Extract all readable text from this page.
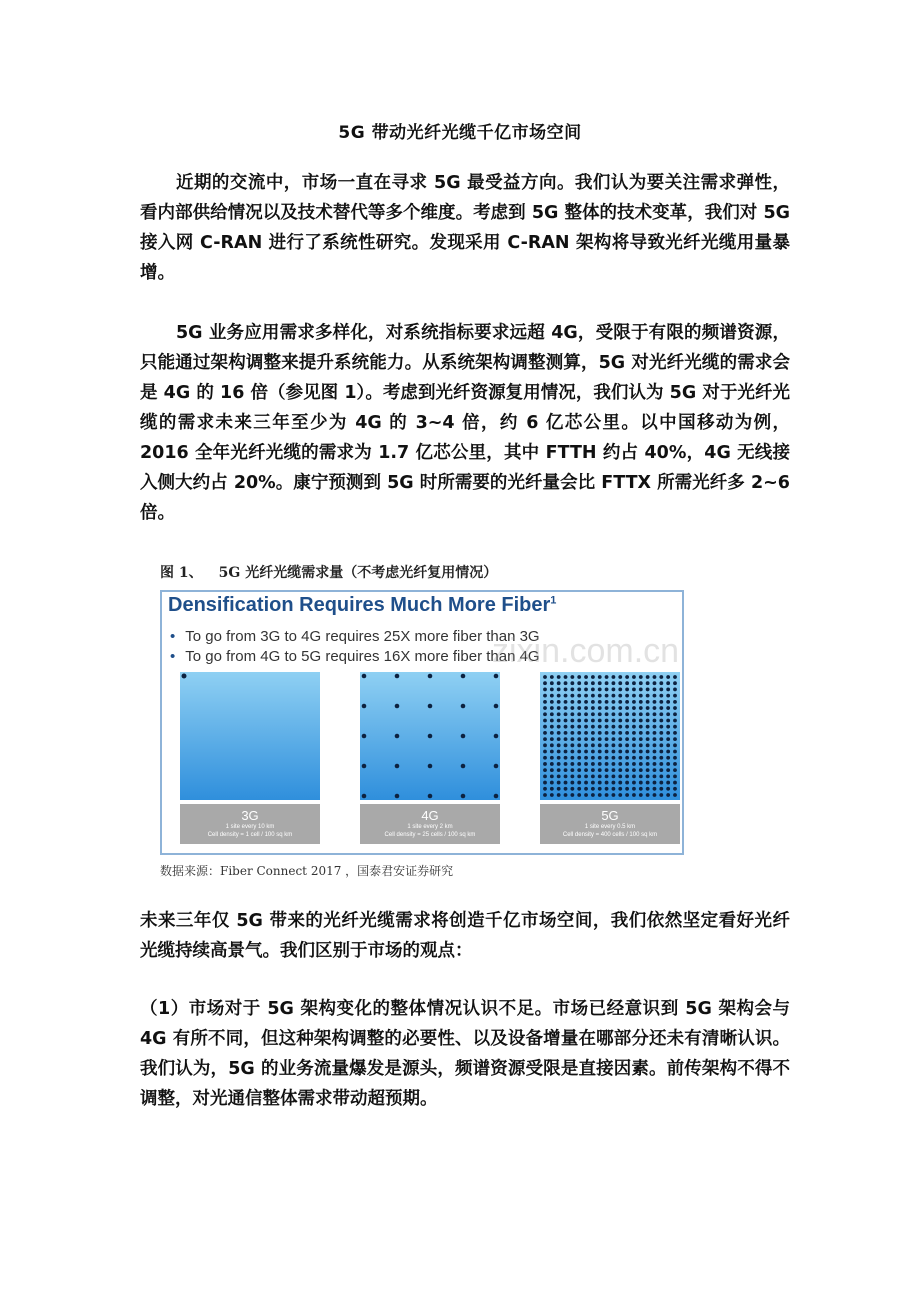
5G 带动光纤光缆千亿市场空间

近期的交流中，市场一直在寻求 5G 最受益方向。我们认为要关注需求弹性，看内部供给情况以及技术替代等多个维度。考虑到 5G 整体的技术变革，我们对 5G 接入网 C-RAN 进行了系统性研究。发现采用 C-RAN 架构将导致光纤光缆用量暴增。

5G 业务应用需求多样化，对系统指标要求远超 4G，受限于有限的频谱资源，只能通过架构调整来提升系统能力。从系统架构调整测算，5G 对光纤光缆的需求会是 4G 的 16 倍（参见图 1）。考虑到光纤资源复用情况，我们认为 5G 对于光纤光缆的需求未来三年至少为 4G 的 3~4 倍，约 6 亿芯公里。以中国移动为例，2016 全年光纤光缆的需求为 1.7 亿芯公里，其中 FTTH 约占 40%，4G 无线接入侧大约占 20%。康宁预测到 5G 时所需要的光纤量会比 FTTX 所需光纤多 2~6 倍。

图 1、 5G 光纤光缆需求量（不考虑光纤复用情况）
Densification Requires Much More Fiber$^1$
• To go from 3G to 4G requires 25X more fiber than 3G
• To go from 4G to 5G requires 16X more fiber than 4G
3G
1 site every 10 km
Cell density = 1 cell / 100 sq km
4G
1 site every 2 km
Cell density = 25 cells / 100 sq km
5G
1 site every 0.5 km
Cell density = 400 cells / 100 sq km
zixin.com.cn
数据来源：Fiber Connect 2017 ，国泰君安证券研究

未来三年仅 5G 带来的光纤光缆需求将创造千亿市场空间，我们依然坚定看好光纤光缆持续高景气。我们区别于市场的观点：

（1）市场对于 5G 架构变化的整体情况认识不足。市场已经意识到 5G 架构会与 4G 有所不同，但这种架构调整的必要性、以及设备增量在哪部分还未有清晰认识。我们认为，5G 的业务流量爆发是源头，频谱资源受限是直接因素。前传架构不得不调整，对光通信整体需求带动超预期。
